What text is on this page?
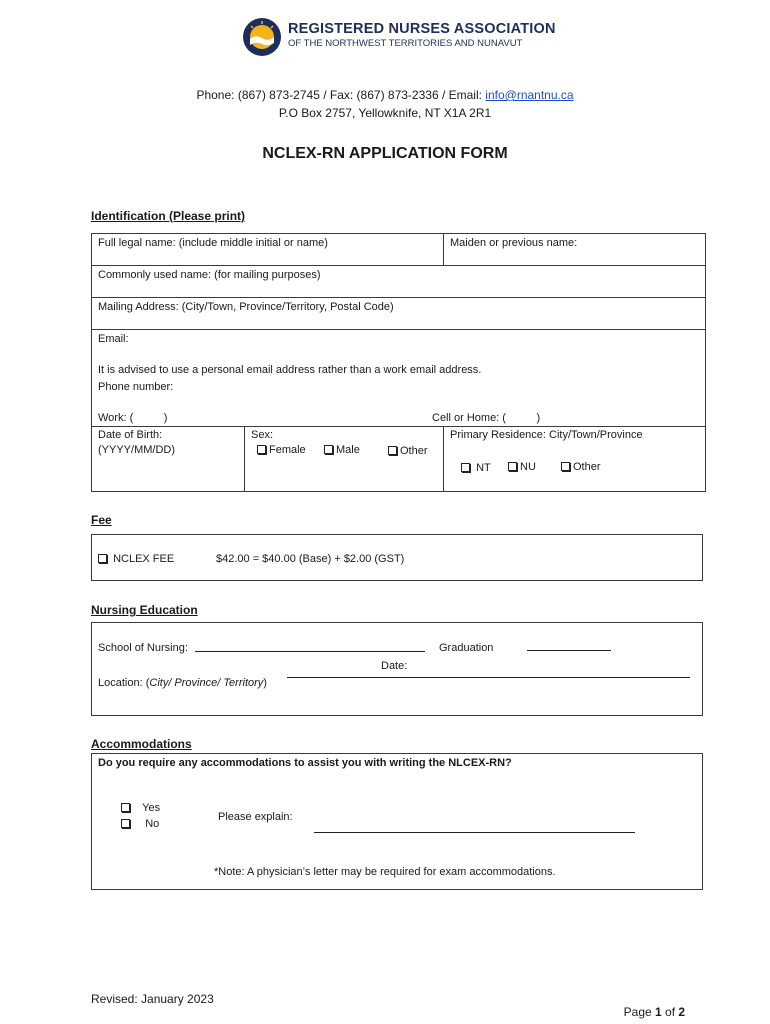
REGISTERED NURSES ASSOCIATION
OF THE NORTHWEST TERRITORIES AND NUNAVUT
Phone: (867) 873-2745 / Fax: (867) 873-2336 / Email: info@rnantnu.ca
P.O Box 2757, Yellowknife, NT X1A 2R1
NCLEX-RN APPLICATION FORM
Identification (Please print)
Full legal name: (include middle initial or name)	Maiden or previous name:
Commonly used name: (for mailing purposes)
Mailing Address: (City/Town, Province/Territory, Postal Code)
Email:
It is advised to use a personal email address rather than a work email address.
Phone number:
Work: (          )	Cell or Home: (          )
Date of Birth:
(YYYY/MM/DD)
Sex:
Female	Male	Other
Primary Residence: City/Town/Province
NT	NU	Other
Fee
NCLEX FEE	$42.00 = $40.00 (Base) + $2.00 (GST)
Nursing Education
School of Nursing:	Graduation
Date:
Location: (City/ Province/ Territory)
Accommodations
Do you require any accommodations to assist you with writing the NLCEX-RN?
Yes
No
Please explain:
*Note: A physician’s letter may be required for exam accommodations.
Revised: January 2023

Page 1 of 2
